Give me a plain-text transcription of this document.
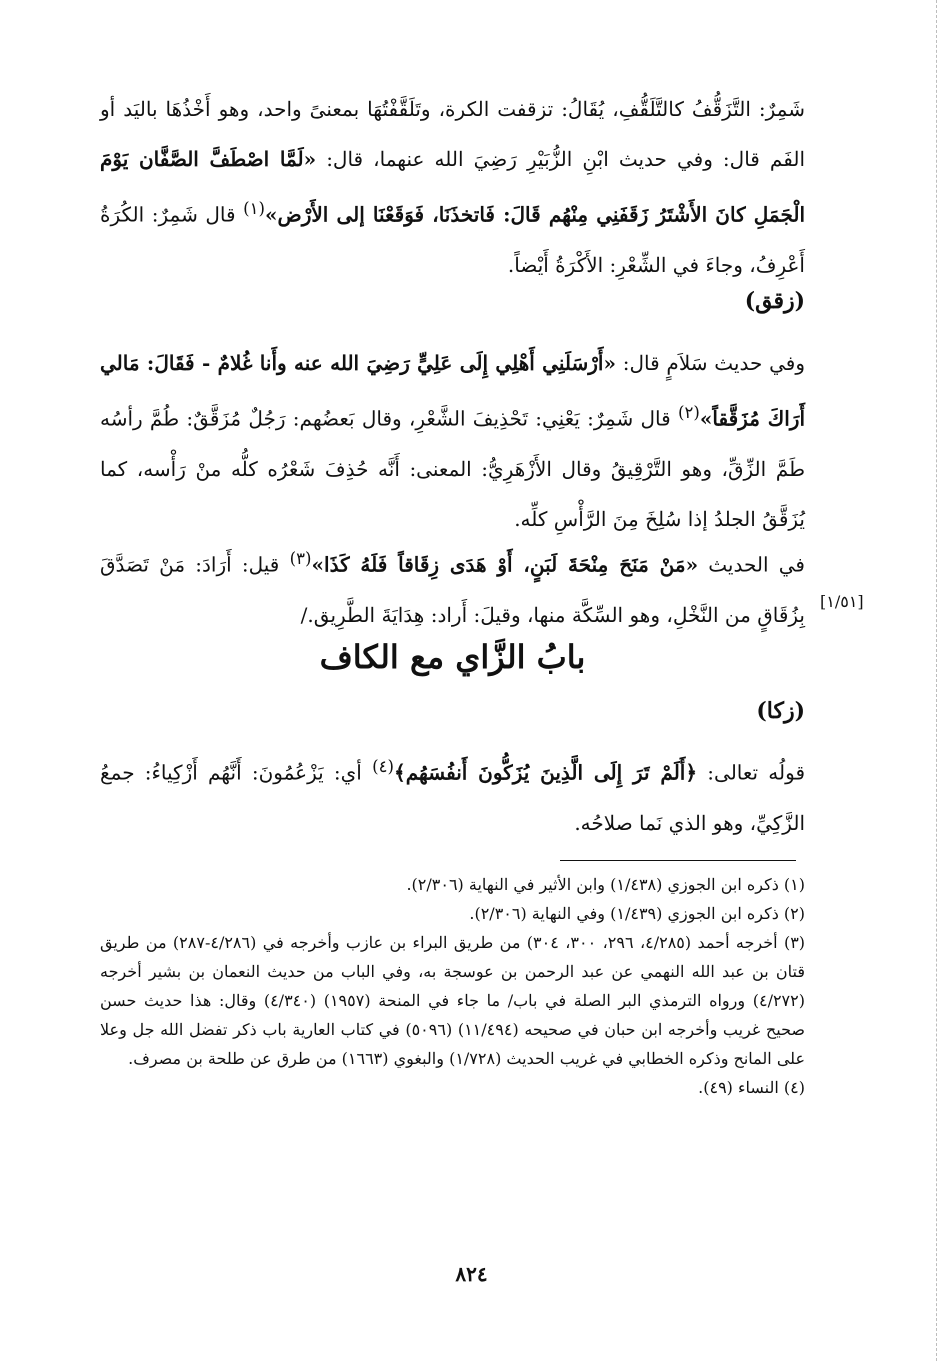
شَمِرٌ: التَّزَقُّفُ كالتَّلَقُّفِ، يُقَالُ: تزقفت الكرة، وتَلَقَّفْتُهَا بمعنىً واحد، وهو أَخْذُهَا باليَد أو الفَم قال: وفي حديث ابْنِ الزُّبَيْرِ رَضِيَ الله عنهما، قال: «لَمَّا اصْطَفَّ الصَّفَّان يَوْمَ الْجَمَلِ كانَ الأَشْتَرُ زَقَفَنِي مِنْهُم قَالَ: فَاتخذَنَا، فَوَقَعْنَا إلى الأَرْض»$^{(١)}$ قال شَمِرٌ: الكُرَةُ أَعْرِفُ، وجاءَ في الشِّعْرِ: الأَكْرَةُ أَيْضاً.

(زقق)

وفي حديث سَلاَمٍ قال: «أَرْسَلَنِي أَهْلِي إِلَى عَلِيٍّ رَضِيَ الله عنه وأَنا غُلامٌ - فَقَالَ: مَالي أَرَاكَ مُزَقَّقاً»$^{(٢)}$ قال شَمِرٌ: يَعْنِي: تَحْذِيفَ الشَّعْرِ، وقال بَعضُهم: رَجُلٌ مُزَقَّقٌ: طُمَّ رأسُه طَمَّ الزِّقِّ، وهو التَّرْقِيقُ وقال الأَزْهَرِيُّ: المعنى: أَنَّه حُذِفَ شَعْرُه كلُّه منْ رَأْسه، كما يُزَقَّقُ الجلدُ إذا سُلِخَ مِنَ الرَّأْسِ كلِّه.

في الحديث «مَنْ مَنَحَ مِنْحَةَ لَبَنٍ، أَوْ هَدَى زِقَاقاً فَلَهُ كَذَا»$^{(٣)}$ قيل: أَرَادَ: مَنْ تَصَدَّقَ بِزُقَاقٍ من النَّخْلِ، وهو السِّكَّة منها، وقيلَ: أَراد: هِدَايَةَ الطَّرِيق./

[١/٥١]
بابُ الزَّاي مع الكاف
(زكا)

قولُه تعالى: ﴿أَلَمْ تَرَ إِلَى الَّذِينَ يُزَكُّونَ أَنفُسَهُم﴾$^{(٤)}$ أي: يَزْعُمُونَ: أَنَّهُم أَزْكِياءُ: جمعُ الزَّكِيِّ، وهو الذي نَما صلاحُه.

(١) ذكره ابن الجوزي (١/٤٣٨) وابن الأثير في النهاية (٢/٣٠٦).

(٢) ذكره ابن الجوزي (١/٤٣٩) وفي النهاية (٢/٣٠٦).

(٣) أخرجه أحمد (٤/٢٨٥، ٢٩٦، ٣٠٠، ٣٠٤) من طريق البراء بن عازب وأخرجه في (٤/٢٨٦-٢٨٧) من طريق قتان بن عبد الله النهمي عن عبد الرحمن بن عوسجة به، وفي الباب من حديث النعمان بن بشير أخرجه (٤/٢٧٢) ورواه الترمذي البر الصلة في باب/ ما جاء في المنحة (١٩٥٧) (٤/٣٤٠) وقال: هذا حديث حسن صحيح غريب وأخرجه ابن حبان في صحيحه (١١/٤٩٤) (٥٠٩٦) في كتاب العارية باب ذكر تفضل الله جل وعلا على المانح وذكره الخطابي في غريب الحديث (١/٧٢٨) والبغوي (١٦٦٣) من طرق عن طلحة بن مصرف.

(٤) النساء (٤٩).

٨٢٤
